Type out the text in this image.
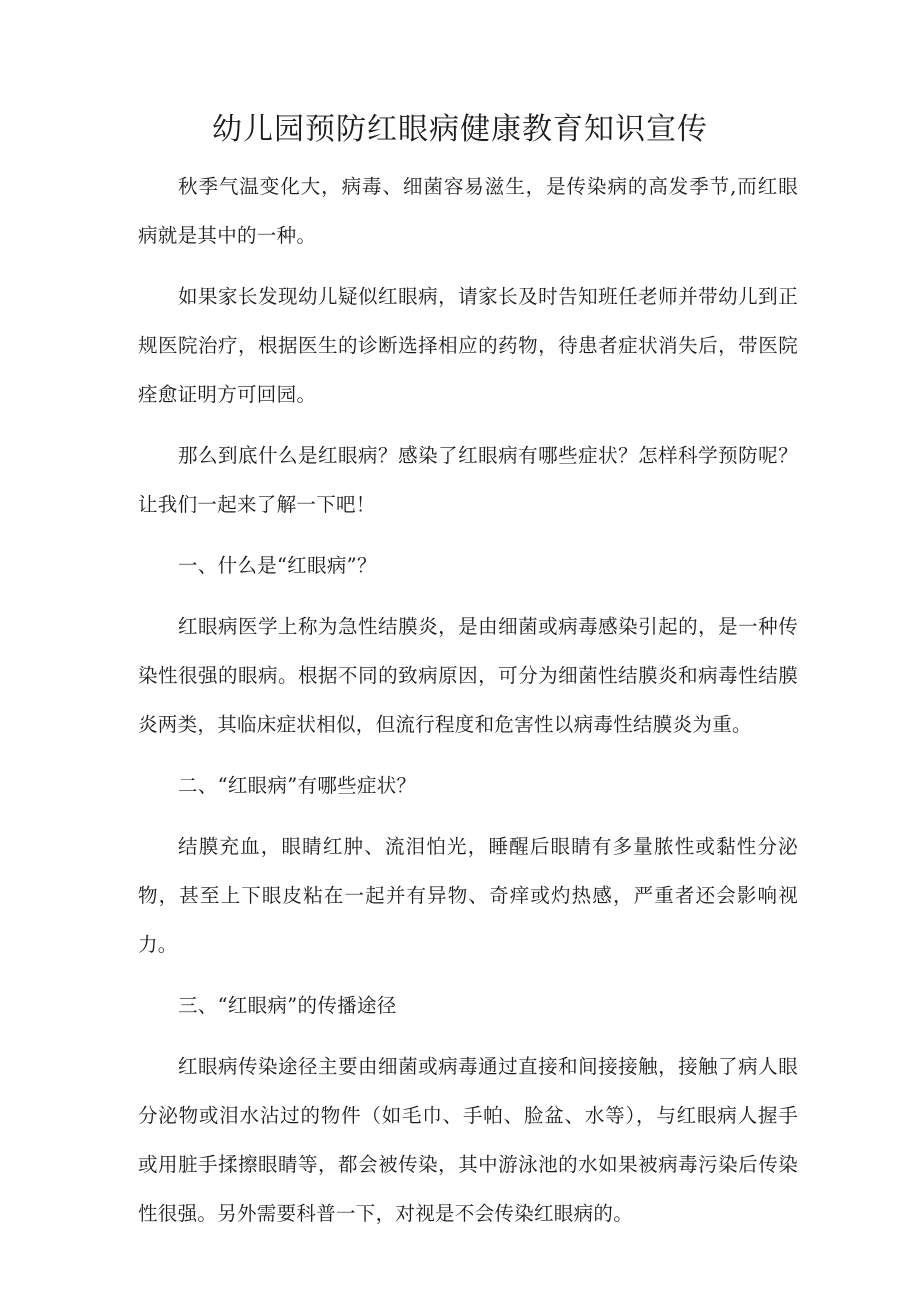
幼儿园预防红眼病健康教育知识宣传

秋季气温变化大，病毒、细菌容易滋生，是传染病的高发季节,而红眼病就是其中的一种。

如果家长发现幼儿疑似红眼病，请家长及时告知班任老师并带幼儿到正规医院治疗，根据医生的诊断选择相应的药物，待患者症状消失后，带医院痊愈证明方可回园。

那么到底什么是红眼病？感染了红眼病有哪些症状？怎样科学预防呢？让我们一起来了解一下吧！

一、什么是“红眼病”？

红眼病医学上称为急性结膜炎，是由细菌或病毒感染引起的，是一种传染性很强的眼病。根据不同的致病原因，可分为细菌性结膜炎和病毒性结膜炎两类，其临床症状相似，但流行程度和危害性以病毒性结膜炎为重。

二、“红眼病”有哪些症状？

结膜充血，眼睛红肿、流泪怕光，睡醒后眼睛有多量脓性或黏性分泌物，甚至上下眼皮粘在一起并有异物、奇痒或灼热感，严重者还会影响视力。

三、“红眼病”的传播途径

红眼病传染途径主要由细菌或病毒通过直接和间接接触，接触了病人眼分泌物或泪水沾过的物件（如毛巾、手帕、脸盆、水等），与红眼病人握手或用脏手揉擦眼睛等，都会被传染，其中游泳池的水如果被病毒污染后传染性很强。另外需要科普一下，对视是不会传染红眼病的。
